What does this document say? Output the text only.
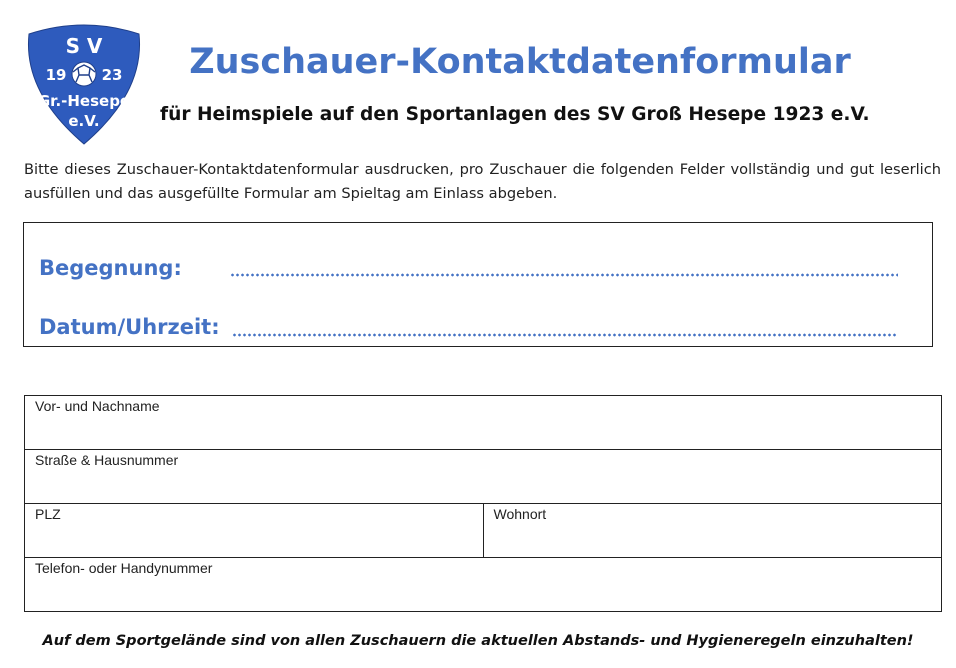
S V
19 23
Gr.-Hesepe
e.V.
Zuschauer-Kontaktdatenformular
für Heimspiele auf den Sportanlagen des SV Groß Hesepe 1923 e.V.
Bitte dieses Zuschauer-Kontaktdatenformular ausdrucken, pro Zuschauer die folgenden Felder vollständig und gut leserlich ausfüllen und das ausgefüllte Formular am Spieltag am Einlass abgeben.
Begegnung:
Datum/Uhrzeit:
Vor- und Nachname
Straße & Hausnummer
PLZ	Wohnort
Telefon- oder Handynummer
Auf dem Sportgelände sind von allen Zuschauern die aktuellen Abstands- und Hygieneregeln einzuhalten!
